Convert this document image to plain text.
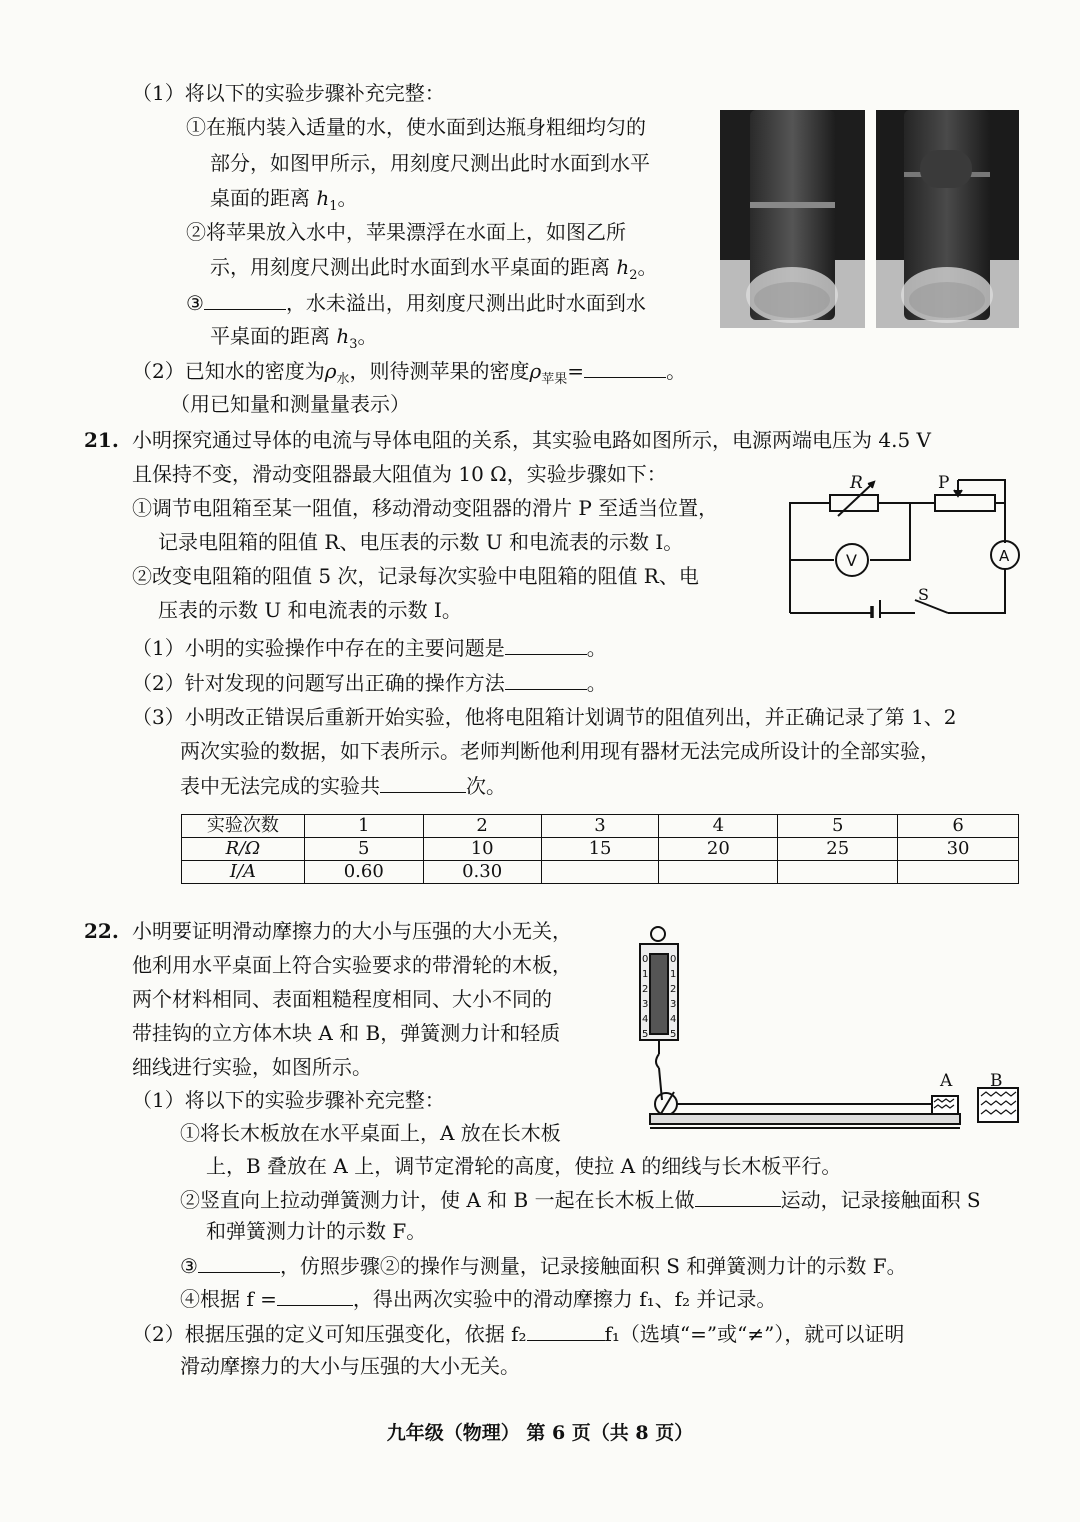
（1）将以下的实验步骤补充完整：
①在瓶内装入适量的水，使水面到达瓶身粗细均匀的
部分，如图甲所示，用刻度尺测出此时水面到水平
桌面的距离 $h_1$。
②将苹果放入水中，苹果漂浮在水面上，如图乙所
示，用刻度尺测出此时水面到水平桌面的距离 $h_2$。
③	，水未溢出，用刻度尺测出此时水面到水
平桌面的距离 $h_3$。
（2）已知水的密度为$\rho_水$，则待测苹果的密度$\rho_{苹果}=$	。
（用已知量和测量量表示）
21. 小明探究通过导体的电流与导体电阻的关系，其实验电路如图所示，电源两端电压为 4.5 V
且保持不变，滑动变阻器最大阻值为 10 Ω，实验步骤如下：
①调节电阻箱至某一阻值，移动滑动变阻器的滑片 P 至适当位置，
记录电阻箱的阻值 R、电压表的示数 U 和电流表的示数 I。
②改变电阻箱的阻值 5 次，记录每次实验中电阻箱的阻值 R、电
压表的示数 U 和电流表的示数 I。
（1）小明的实验操作中存在的主要问题是	。
（2）针对发现的问题写出正确的操作方法	。
（3）小明改正错误后重新开始实验，他将电阻箱计划调节的阻值列出，并正确记录了第 1、2
两次实验的数据，如下表所示。老师判断他利用现有器材无法完成所设计的全部实验，
表中无法完成的实验共	次。
R	P
V	A
S
实验次数	1	2	3	4	5	6
R/Ω	5	10	15	20	25	30
I/A	0.60	0.30				
22. 小明要证明滑动摩擦力的大小与压强的大小无关，
他利用水平桌面上符合实验要求的带滑轮的木板，
两个材料相同、表面粗糙程度相同、大小不同的
带挂钩的立方体木块 A 和 B，弹簧测力计和轻质
细线进行实验，如图所示。
（1）将以下的实验步骤补充完整：
①将长木板放在水平桌面上，A 放在长木板
上，B 叠放在 A 上，调节定滑轮的高度，使拉 A 的细线与长木板平行。
②竖直向上拉动弹簧测力计，使 A 和 B 一起在长木板上做	运动，记录接触面积 S
和弹簧测力计的示数 F。
③	，仿照步骤②的操作与测量，记录接触面积 S 和弹簧测力计的示数 F。
④根据 f =	，得出两次实验中的滑动摩擦力 f₁、f₂ 并记录。
（2）根据压强的定义可知压强变化，依据 f₂	f₁（选填“=”或“≠”），就可以证明
滑动摩擦力的大小与压强的大小无关。
0
1
2
3
4
5
0
1
2
3
4
5
A B
九年级（物理） 第 6 页（共 8 页）
